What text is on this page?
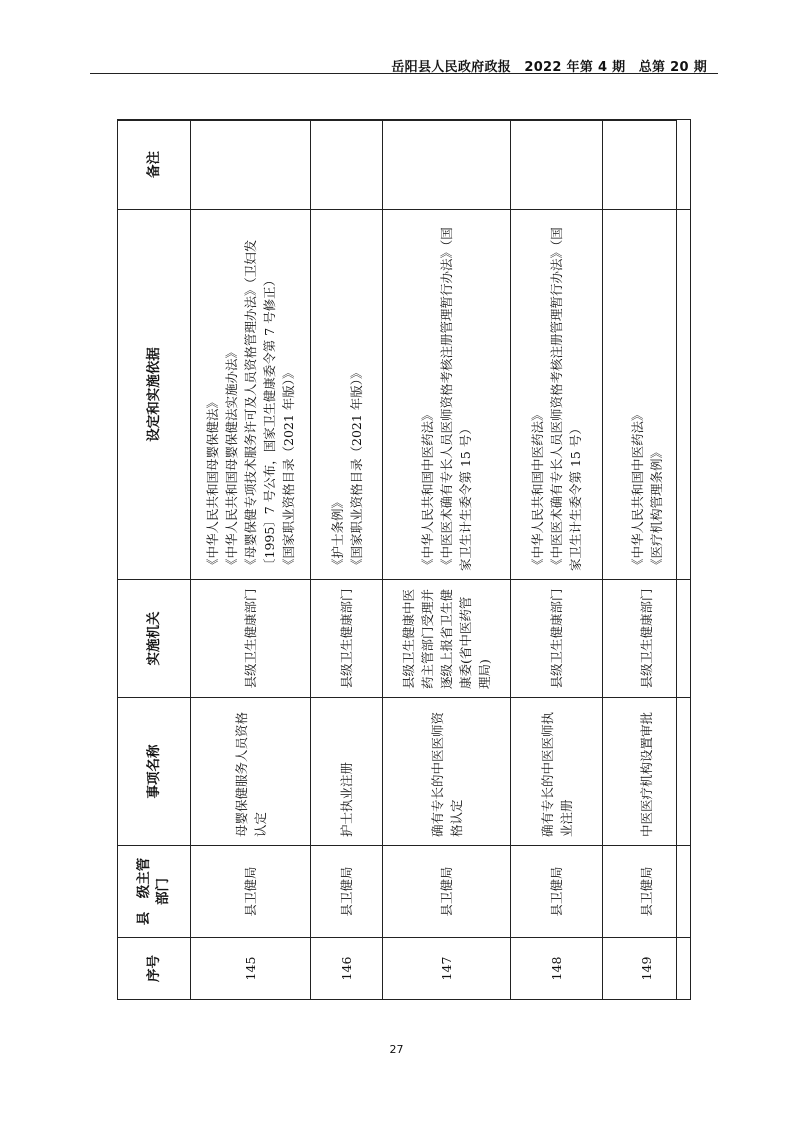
岳阳县人民政府政报　2022 年第 4 期　总第 20 期
序号	县　级主管部门	事项名称	实施机关	设定和实施依据	备注
145	县卫健局	母婴保健服务人员资格认定	县级卫生健康部门	《中华人民共和国母婴保健法》 《中华人民共和国母婴保健法实施办法》 《母婴保健专项技术服务许可及人员资格管理办法》（卫妇发〔1995〕7 号公布，国家卫生健康委令第 7 号修正） 《国家职业资格目录（2021 年版）》	

146	县卫健局	护士执业注册	县级卫生健康部门	《护士条例》 《国家职业资格目录（2021 年版）》	

147	县卫健局	确有专长的中医医师资格认定	县级卫生健康中医药主管部门受理并逐级上报省卫生健康委(省中医药管理局)	《中华人民共和国中医药法》 《中医医术确有专长人员医师资格考核注册管理暂行办法》（国家卫生计生委令第 15 号）	

148	县卫健局	确有专长的中医医师执业注册	县级卫生健康部门	《中华人民共和国中医药法》 《中医医术确有专长人员医师资格考核注册管理暂行办法》（国家卫生计生委令第 15 号）	

149	县卫健局	中医医疗机构设置审批	县级卫生健康部门	《中华人民共和国中医药法》 《医疗机构管理条例》	

27
